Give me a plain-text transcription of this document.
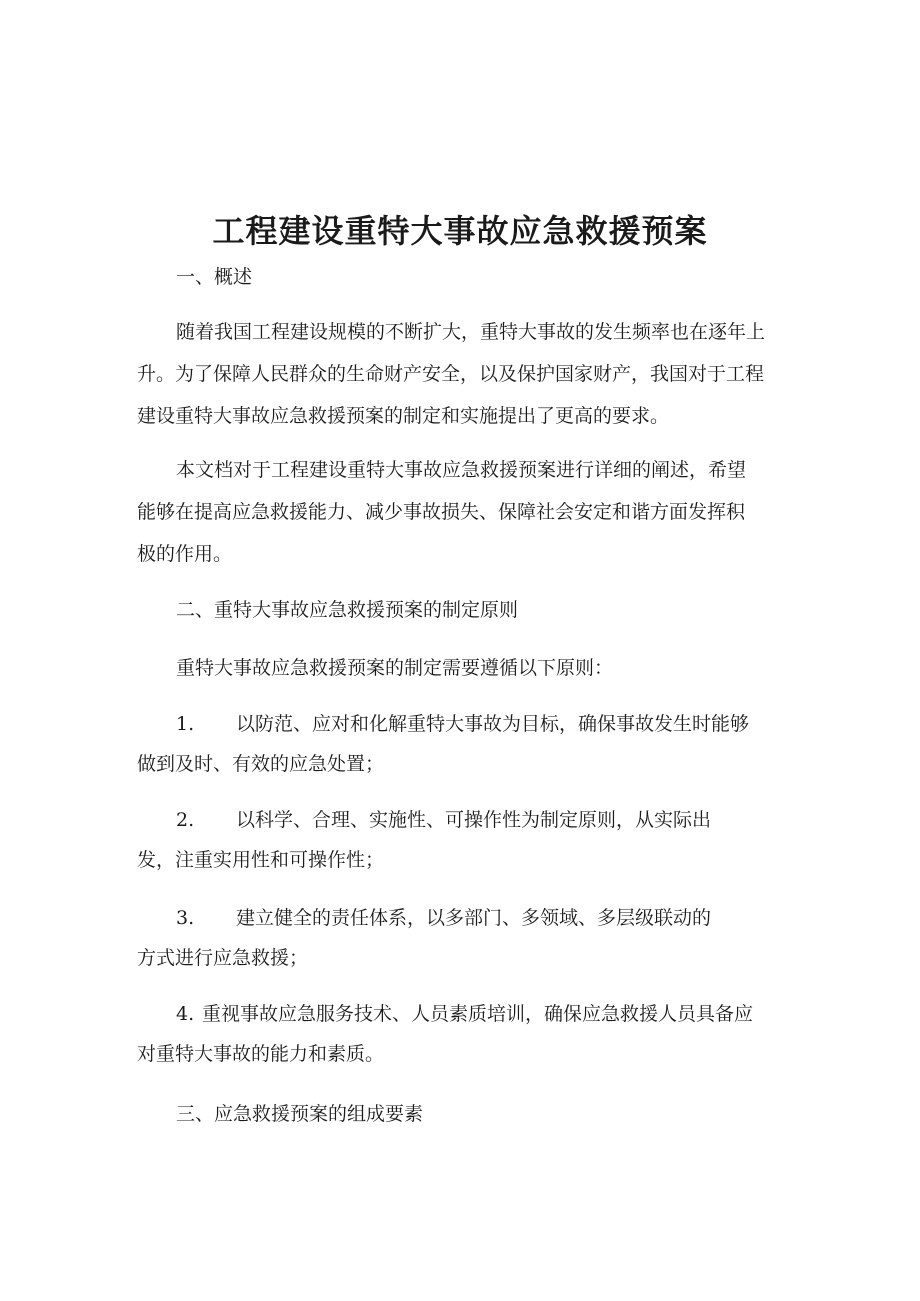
工程建设重特大事故应急救援预案

一、概述

随着我国工程建设规模的不断扩大，重特大事故的发生频率也在逐年上

升。为了保障人民群众的生命财产安全，以及保护国家财产，我国对于工程

建设重特大事故应急救援预案的制定和实施提出了更高的要求。

本文档对于工程建设重特大事故应急救援预案进行详细的阐述，希望

能够在提高应急救援能力、减少事故损失、保障社会安定和谐方面发挥积

极的作用。

二、重特大事故应急救援预案的制定原则

重特大事故应急救援预案的制定需要遵循以下原则：

1. 以防范、应对和化解重特大事故为目标，确保事故发生时能够

做到及时、有效的应急处置；

2. 以科学、合理、实施性、可操作性为制定原则，从实际出

发，注重实用性和可操作性；

3. 建立健全的责任体系，以多部门、多领域、多层级联动的

方式进行应急救援；

4. 重视事故应急服务技术、人员素质培训，确保应急救援人员具备应

对重特大事故的能力和素质。

三、应急救援预案的组成要素
